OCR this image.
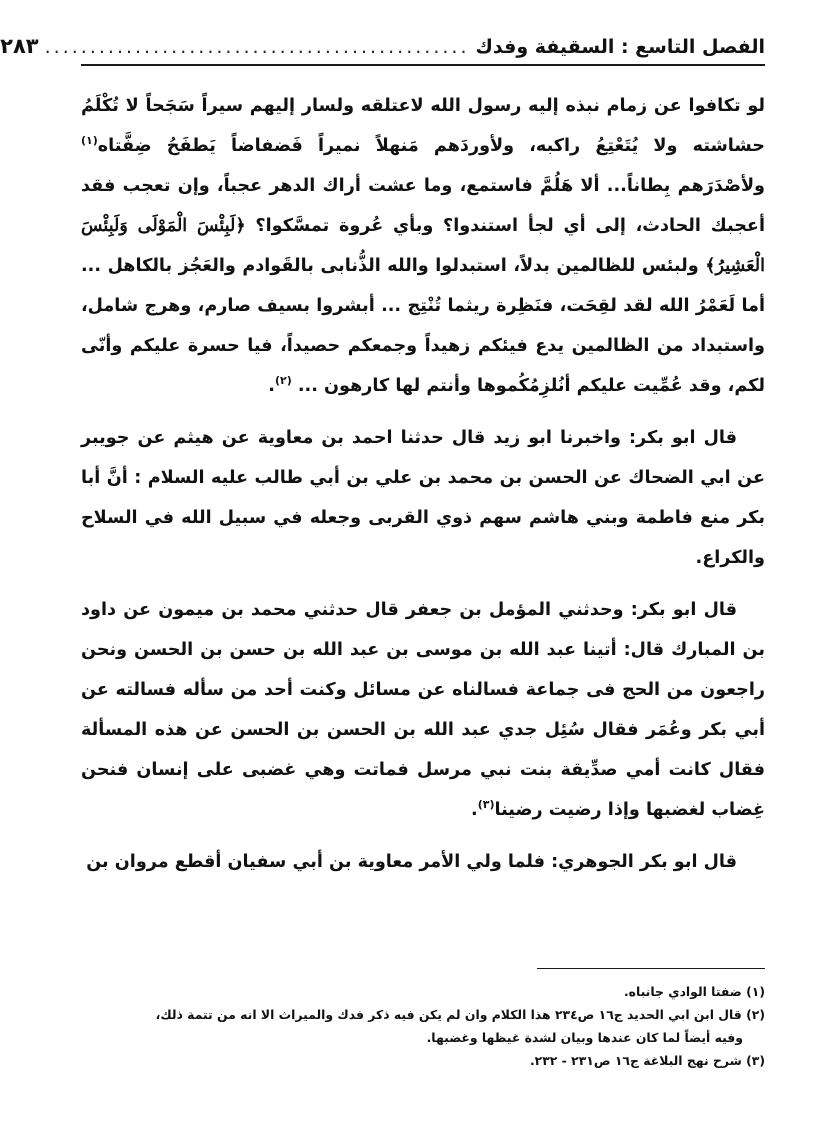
الفصل التاسع : السقيفة وفدك
...............................................
٢٨٣

لو تكافوا عن زمام نبذه إليه رسول الله لاعتلقه ولسار إليهم سيراً سَجَحاً لا تُكْلَمُ حشاشته ولا يُتَعْتِعُ راكبه، ولأوردَهم مَنهلاً نميراً فَضفاضاً يَطفَحُ ضِفَّتاه$^{(١)}$ ولأصْدَرَهم بِطاناً... ألا هَلُمَّ فاستمع، وما عشت أراك الدهر عجباً، وإن تعجب فقد أعجبك الحادث، إلى أي لجأ استندوا؟ وبأي عُروة تمسَّكوا؟ ﴿لَبِئْسَ الْمَوْلَى وَلَبِئْسَ الْعَشِيرُ﴾ ولبئس للظالمين بدلاً، استبدلوا والله الذُّنابى بالقَوادم والعَجُز بالكاهل ... أما لَعَمْرُ الله لقد لقِحَت، فنَظِرة ريثما تُنْتِج ... أبشروا بسيف صارم، وهرج شامل، واستبداد من الظالمين يدع فيئكم زهيداً وجمعكم حصيداً، فيا حسرة عليكم وأنّى لكم، وقد عُمِّيت عليكم أنُلزِمُكُموها وأنتم لها كارهون ... $^{(٢)}$.

قال ابو بكر: واخبرنا ابو زيد قال حدثنا احمد بن معاوية عن هيثم عن جويبر عن ابي الضحاك عن الحسن بن محمد بن علي بن أبي طالب عليه السلام : أنَّ أبا بكر منع فاطمة وبني هاشم سهم ذوي القربى وجعله في سبيل الله في السلاح والكراع.

قال ابو بكر: وحدثني المؤمل بن جعفر قال حدثني محمد بن ميمون عن داود بن المبارك قال: أتينا عبد الله بن موسى بن عبد الله بن حسن بن الحسن ونحن راجعون من الحج فى جماعة فسالناه عن مسائل وكنت أحد من سأله فسالته عن أبي بكر وعُمَر فقال سُئِل جدي عبد الله بن الحسن بن الحسن عن هذه المسألة فقال كانت أمي صدِّيقة بنت نبي مرسل فماتت وهي غضبى على إنسان فنحن غِضاب لغضبها وإذا رضيت رضينا$^{(٣)}$.

قال ابو بكر الجوهري: فلما ولي الأمر معاوية بن أبي سفيان أقطع مروان بن

(١) ضفتا الوادي جانباه.

(٢) قال ابن ابي الحديد ج١٦ ص٢٣٤ هذا الكلام وان لم يكن فيه ذكر فدك والميراث الا انه من تتمة ذلك،

وفيه أيضاً لما كان عندها وبيان لشدة غيظها وغضبها.

(٣) شرح نهج البلاغة ج١٦ ص٢٣١ - ٢٣٢.
